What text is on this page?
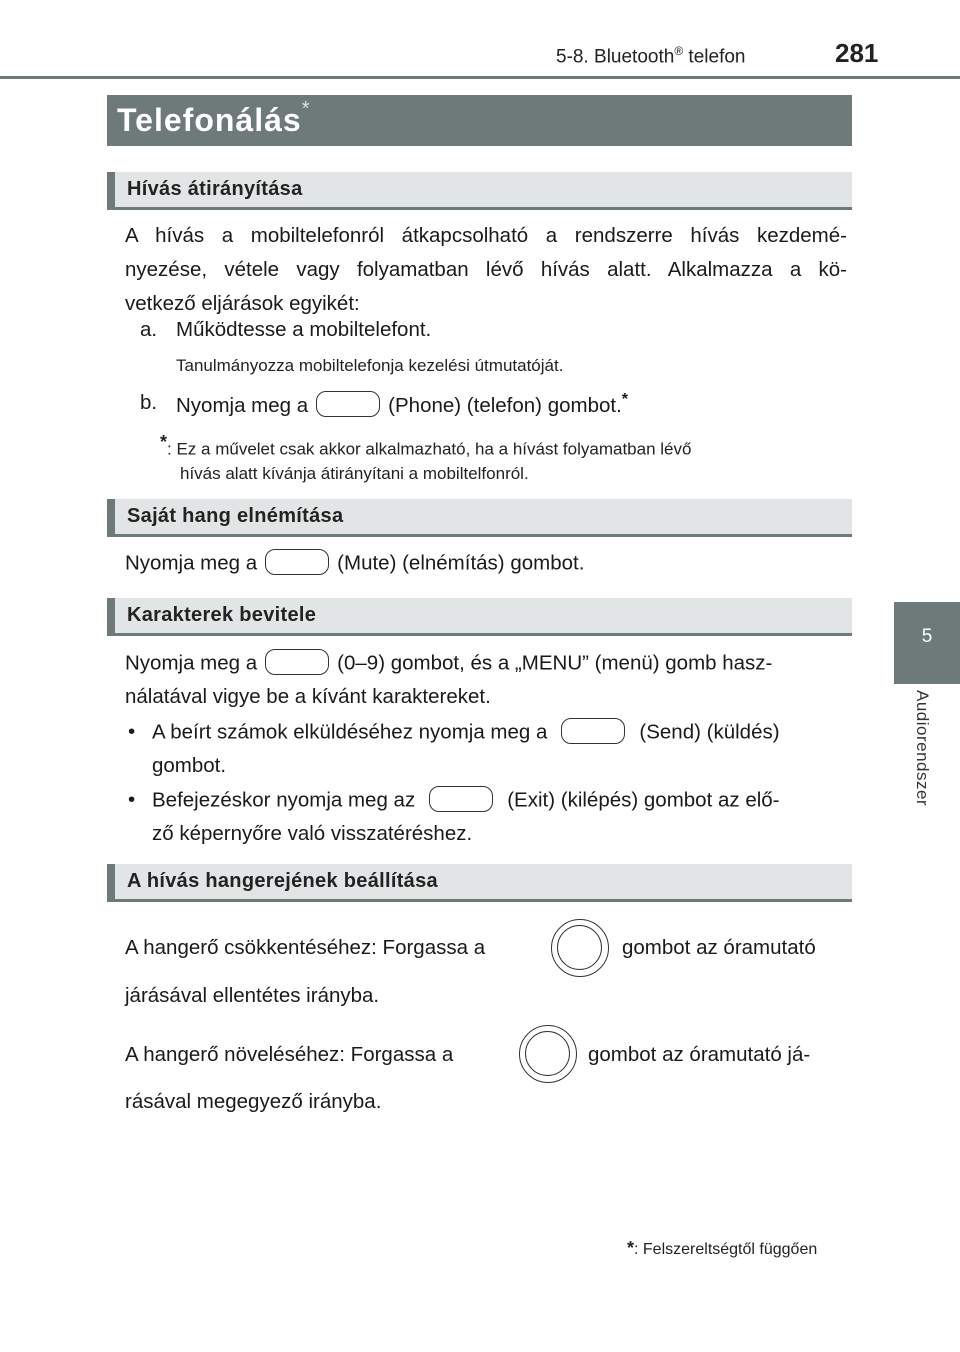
5-8. Bluetooth® telefon	281
Telefonálás*
5
Audiorendszer
Hívás átirányítása
A hívás a mobiltelefonról átkapcsolható a rendszerre hívás kezdemé-
nyezése, vétele vagy folyamatban lévő hívás alatt. Alkalmazza a kö-
vetkező eljárások egyikét:
a. Működtesse a mobiltelefont.
Tanulmányozza mobiltelefonja kezelési útmutatóját.
b. Nyomja meg a	(Phone) (telefon) gombot.*
*: Ez a művelet csak akkor alkalmazható, ha a hívást folyamatban lévő
hívás alatt kívánja átirányítani a mobiltelfonról.
Saját hang elnémítása
Nyomja meg a	(Mute) (elnémítás) gombot.
Karakterek bevitele
Nyomja meg a	(0–9) gombot, és a „MENU” (menü) gomb hasz-
nálatával vigye be a kívánt karaktereket.
• A beírt számok elküldéséhez nyomja meg a	(Send) (küldés)
gombot.
• Befejezéskor nyomja meg az	(Exit) (kilépés) gombot az elő-
ző képernyőre való visszatéréshez.
A hívás hangerejének beállítása
A hangerő csökkentéséhez: Forgassa a	gombot az óramutató
járásával ellentétes irányba.
A hangerő növeléséhez: Forgassa a	gombot az óramutató já-
rásával megegyező irányba.
*: Felszereltségtől függően
